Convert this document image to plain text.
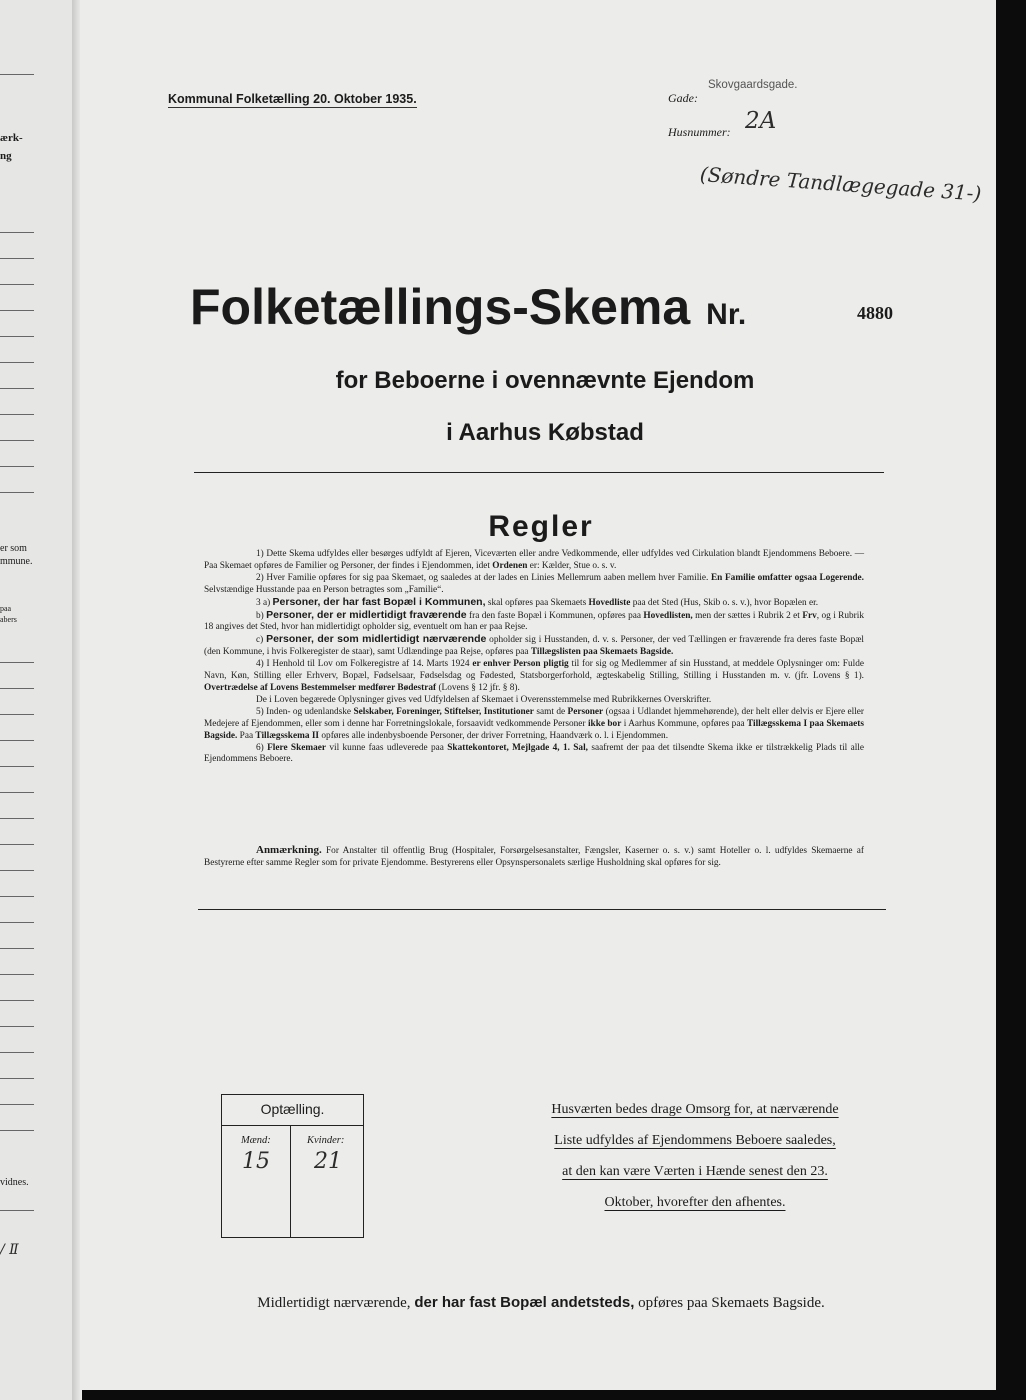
ærk-
ng
er som
mmune.
paa
abers
vidnes.
/ Ⅱ
Kommunal Folketælling 20. Oktober 1935.	Gade:
Skovgaardsgade.
Husnummer: 2A
(Søndre Tandlægegade 31-)
Folketællings-Skema Nr.	4880
for Beboerne i ovennævnte Ejendom
i Aarhus Købstad
Regler

1) Dette Skema udfyldes eller besørges udfyldt af Ejeren, Viceværten eller andre Vedkommende, eller udfyldes ved Cirkulation blandt Ejendommens Beboere. — Paa Skemaet opføres de Familier og Personer, der findes i Ejendommen, idet Ordenen er: Kælder, Stue o. s. v.

2) Hver Familie opføres for sig paa Skemaet, og saaledes at der lades en Linies Mellemrum aaben mellem hver Familie. En Familie omfatter ogsaa Logerende. Selvstændige Husstande paa en Person betragtes som „Familie“.

3 a) Personer, der har fast Bopæl i Kommunen, skal opføres paa Skemaets Hovedliste paa det Sted (Hus, Skib o. s. v.), hvor Bopælen er.

b) Personer, der er midlertidigt fraværende fra den faste Bopæl i Kommunen, opføres paa Hovedlisten, men der sættes i Rubrik 2 et Frv, og i Rubrik 18 angives det Sted, hvor han midlertidigt opholder sig, eventuelt om han er paa Rejse.

c) Personer, der som midlertidigt nærværende opholder sig i Husstanden, d. v. s. Personer, der ved Tællingen er fraværende fra deres faste Bopæl (den Kommune, i hvis Folkeregister de staar), samt Udlændinge paa Rejse, opføres paa Tillægslisten paa Skemaets Bagside.

4) I Henhold til Lov om Folkeregistre af 14. Marts 1924 er enhver Person pligtig til for sig og Medlemmer af sin Husstand, at meddele Oplysninger om: Fulde Navn, Køn, Stilling eller Erhverv, Bopæl, Fødselsaar, Fødselsdag og Fødested, Statsborgerforhold, ægteskabelig Stilling, Stilling i Husstanden m. v. (jfr. Lovens § 1). Overtrædelse af Lovens Bestemmelser medfører Bødestraf (Lovens § 12 jfr. § 8).

De i Loven begærede Oplysninger gives ved Udfyldelsen af Skemaet i Overensstemmelse med Rubrikkernes Overskrifter.

5) Inden- og udenlandske Selskaber, Foreninger, Stiftelser, Institutioner samt de Personer (ogsaa i Udlandet hjemmehørende), der helt eller delvis er Ejere eller Medejere af Ejendommen, eller som i denne har Forretningslokale, forsaavidt vedkommende Personer ikke bor i Aarhus Kommune, opføres paa Tillægsskema I paa Skemaets Bagside. Paa Tillægsskema II opføres alle indenbysboende Personer, der driver Forretning, Haandværk o. l. i Ejendommen.

6) Flere Skemaer vil kunne faas udleverede paa Skattekontoret, Mejlgade 4, 1. Sal, saafremt der paa det tilsendte Skema ikke er tilstrækkelig Plads til alle Ejendommens Beboere.

Anmærkning. For Anstalter til offentlig Brug (Hospitaler, Forsørgelsesanstalter, Fængsler, Kaserner o. s. v.) samt Hoteller o. l. udfyldes Skemaerne af Bestyrerne efter samme Regler som for private Ejendomme. Bestyrerens eller Opsynspersonalets særlige Husholdning skal opføres for sig.

Optælling.
Mænd:	Kvinder:
15 21
Husværten bedes drage Omsorg for, at nærværende
Liste udfyldes af Ejendommens Beboere saaledes,
at den kan være Værten i Hænde senest den 23.
Oktober, hvorefter den afhentes.
Midlertidigt nærværende, der har fast Bopæl andetsteds, opføres paa Skemaets Bagside.
